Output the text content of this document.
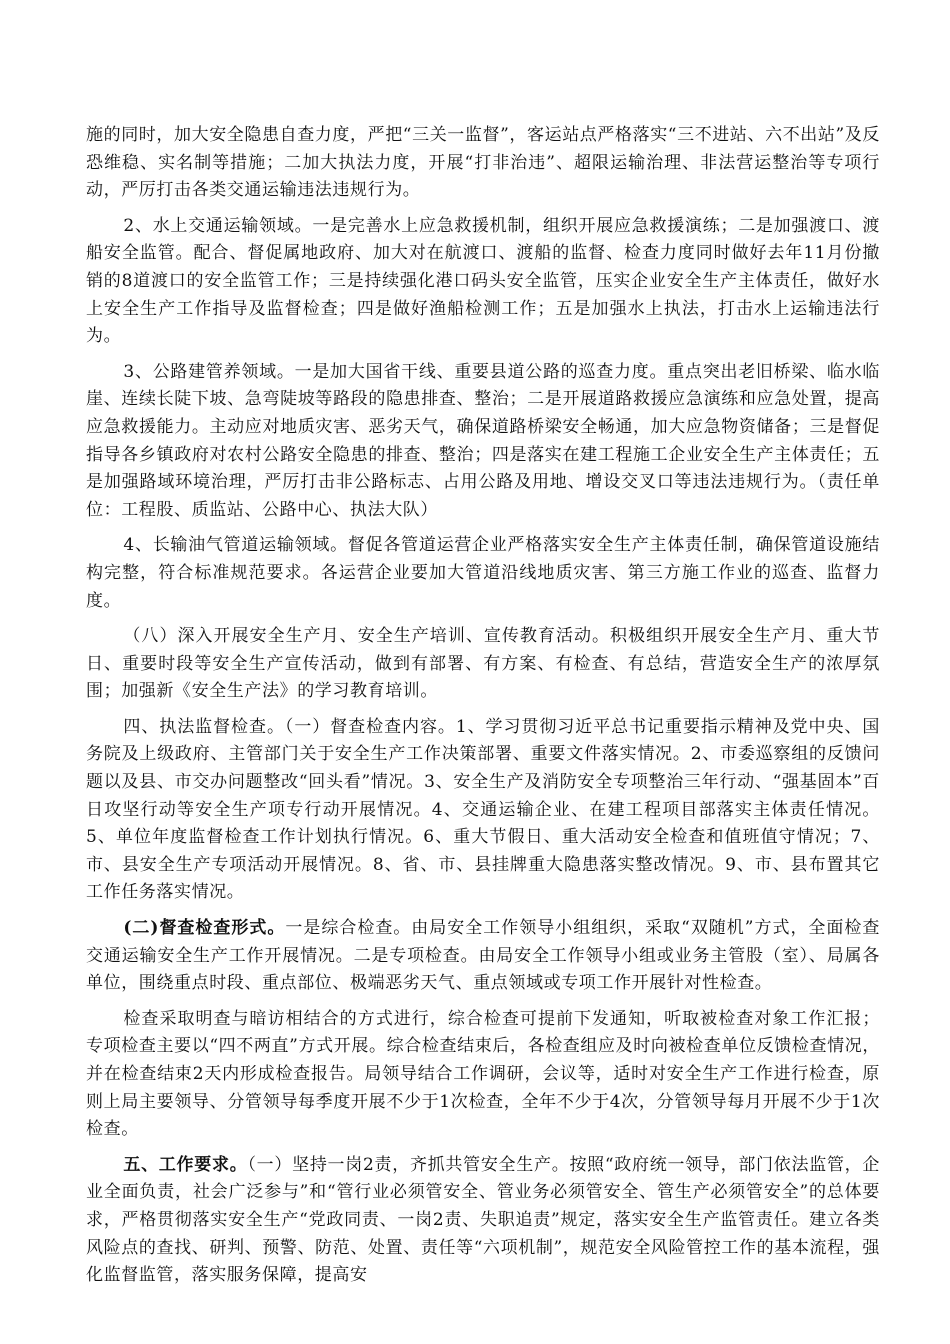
施的同时，加大安全隐患自查力度，严把“三关一监督”，客运站点严格落实“三不进站、六不出站”及反恐维稳、实名制等措施；二加大执法力度，开展“打非治违”、超限运输治理、非法营运整治等专项行动，严厉打击各类交通运输违法违规行为。

2、水上交通运输领域。一是完善水上应急救援机制，组织开展应急救援演练；二是加强渡口、渡船安全监管。配合、督促属地政府、加大对在航渡口、渡船的监督、检查力度同时做好去年11月份撤销的8道渡口的安全监管工作；三是持续强化港口码头安全监管，压实企业安全生产主体责任，做好水上安全生产工作指导及监督检查；四是做好渔船检测工作；五是加强水上执法，打击水上运输违法行为。

3、公路建管养领域。一是加大国省干线、重要县道公路的巡查力度。重点突出老旧桥梁、临水临崖、连续长陡下坡、急弯陡坡等路段的隐患排查、整治；二是开展道路救援应急演练和应急处置，提高应急救援能力。主动应对地质灾害、恶劣天气，确保道路桥梁安全畅通，加大应急物资储备；三是督促指导各乡镇政府对农村公路安全隐患的排查、整治；四是落实在建工程施工企业安全生产主体责任；五是加强路域环境治理，严厉打击非公路标志、占用公路及用地、增设交叉口等违法违规行为。（责任单位：工程股、质监站、公路中心、执法大队）

4、长输油气管道运输领域。督促各管道运营企业严格落实安全生产主体责任制，确保管道设施结构完整，符合标准规范要求。各运营企业要加大管道沿线地质灾害、第三方施工作业的巡查、监督力度。

（八）深入开展安全生产月、安全生产培训、宣传教育活动。积极组织开展安全生产月、重大节日、重要时段等安全生产宣传活动，做到有部署、有方案、有检查、有总结，营造安全生产的浓厚氛围；加强新《安全生产法》的学习教育培训。

四、执法监督检查。（一）督查检查内容。1、学习贯彻习近平总书记重要指示精神及党中央、国务院及上级政府、主管部门关于安全生产工作决策部署、重要文件落实情况。2、市委巡察组的反馈问题以及县、市交办问题整改“回头看”情况。3、安全生产及消防安全专项整治三年行动、“强基固本”百日攻坚行动等安全生产项专行动开展情况。4、交通运输企业、在建工程项目部落实主体责任情况。5、单位年度监督检查工作计划执行情况。6、重大节假日、重大活动安全检查和值班值守情况；7、市、县安全生产专项活动开展情况。8、省、市、县挂牌重大隐患落实整改情况。9、市、县布置其它工作任务落实情况。

(二)督查检查形式。一是综合检查。由局安全工作领导小组组织，采取“双随机”方式，全面检查交通运输安全生产工作开展情况。二是专项检查。由局安全工作领导小组或业务主管股（室）、局属各单位，围绕重点时段、重点部位、极端恶劣天气、重点领域或专项工作开展针对性检查。

检查采取明查与暗访相结合的方式进行，综合检查可提前下发通知，听取被检查对象工作汇报；专项检查主要以“四不两直”方式开展。综合检查结束后，各检查组应及时向被检查单位反馈检查情况，并在检查结束2天内形成检查报告。局领导结合工作调研，会议等，适时对安全生产工作进行检查，原则上局主要领导、分管领导每季度开展不少于1次检查，全年不少于4次，分管领导每月开展不少于1次检查。

五、工作要求。（一）坚持一岗2责，齐抓共管安全生产。按照“政府统一领导，部门依法监管，企业全面负责，社会广泛参与”和“管行业必须管安全、管业务必须管安全、管生产必须管安全”的总体要求，严格贯彻落实安全生产“党政同责、一岗2责、失职追责”规定，落实安全生产监管责任。建立各类风险点的查找、研判、预警、防范、处置、责任等“六项机制”，规范安全风险管控工作的基本流程，强化监督监管，落实服务保障，提高安
